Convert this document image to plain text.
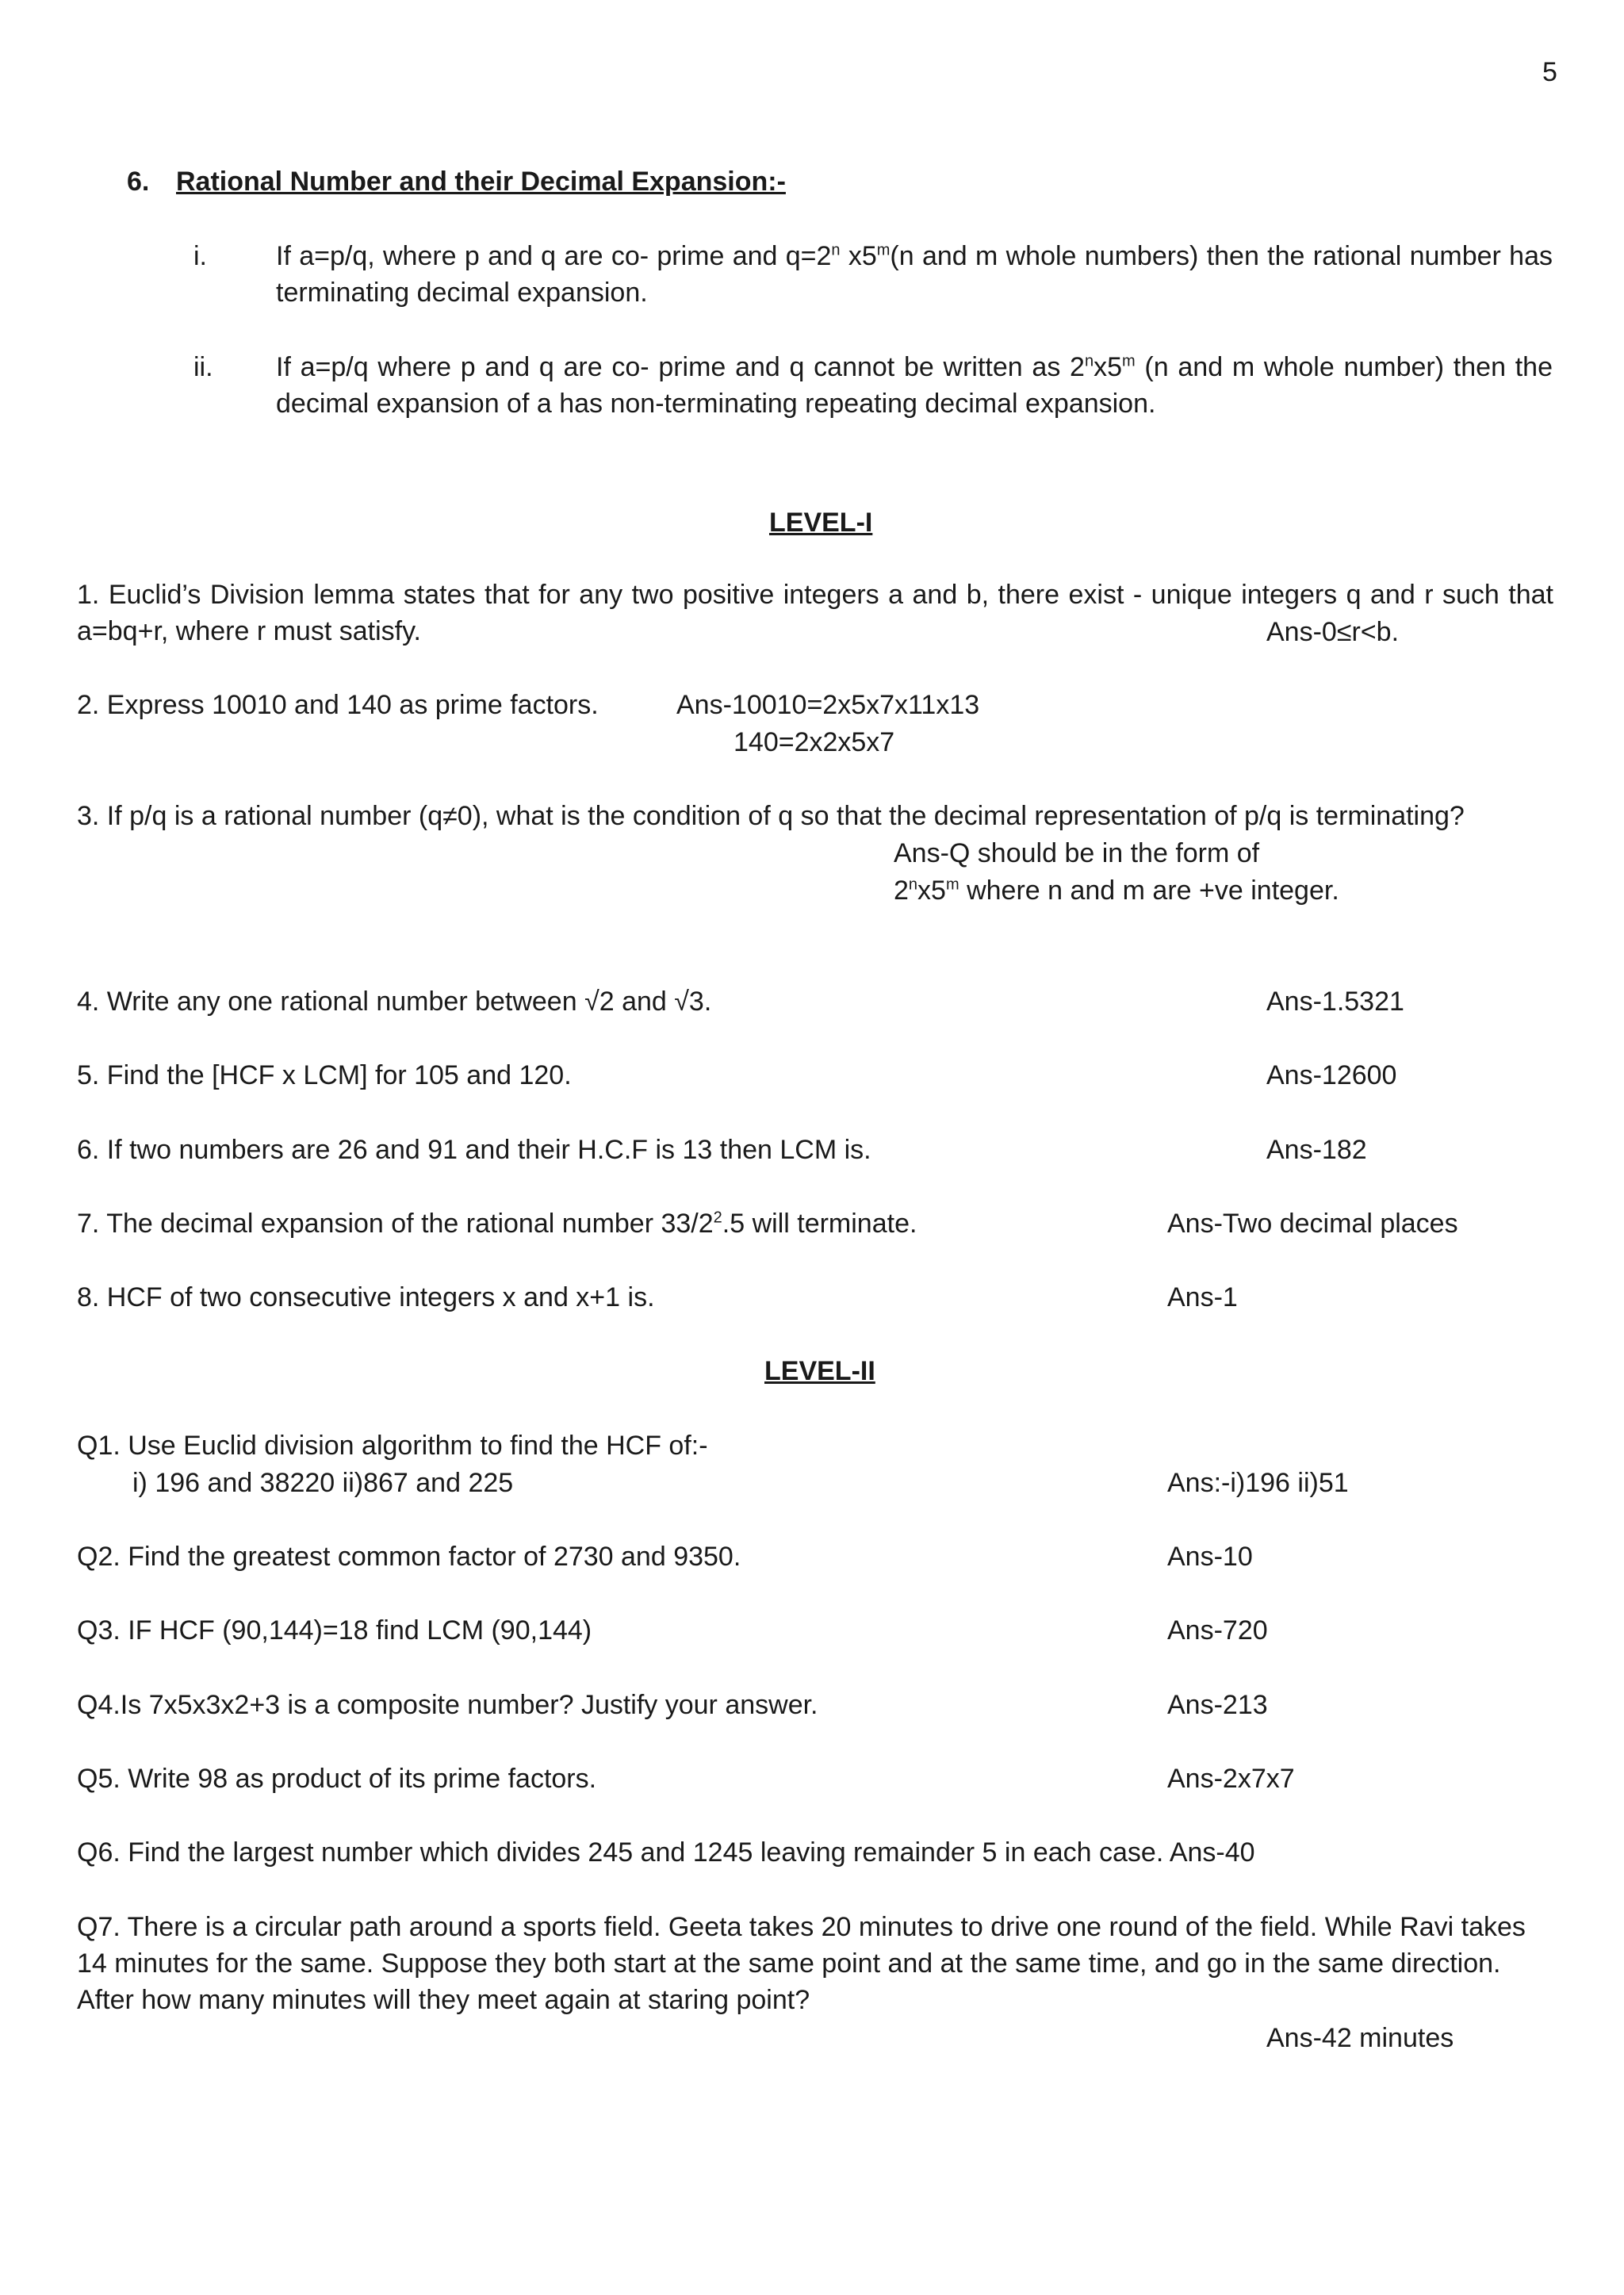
5
6. Rational Number and their Decimal Expansion:-
i.	If a=p/q, where p and q are co- prime and $q=2^n$ x5$^m$(n and m whole numbers) then the rational number has terminating decimal expansion.
ii. If a=p/q where p and q are co- prime and q cannot be written as 2$^n$x5$^m$ (n and m whole number) then the decimal expansion of a has non-terminating repeating decimal expansion.
LEVEL-I
1. Euclid’s Division lemma states that for any two positive integers a and b, there exist - unique integers q and r such that a=bq+r, where r must satisfy.	Ans-0≤r<b.
2. Express 10010 and 140 as prime factors.	Ans-10010=2x5x7x11x13
140=2x2x5x7
3. If p/q is a rational number (q≠0), what is the condition of q so that the decimal representation of p/q is terminating?
Ans-Q should be in the form of
2$^n$x5$^m$ where n and m are +ve integer.
4. Write any one rational number between √2 and √3.	Ans-1.5321
5. Find the [HCF x LCM] for 105 and 120.	Ans-12600
6. If two numbers are 26 and 91 and their H.C.F is 13 then LCM is.	Ans-182
7. The decimal expansion of the rational number $33/2^2.5$ will terminate.	Ans-Two decimal places
8. HCF of two consecutive integers x and x+1 is.	Ans-1
LEVEL-II
Q1. Use Euclid division algorithm to find the HCF of:-
i) 196 and 38220 ii)867 and 225	Ans:-i)196 ii)51
Q2. Find the greatest common factor of 2730 and 9350.	Ans-10
Q3. IF HCF (90,144)=18 find LCM (90,144)	Ans-720
Q4.Is 7x5x3x2+3 is a composite number? Justify your answer.	Ans-213
Q5. Write 98 as product of its prime factors.	Ans-2x7x7
Q6. Find the largest number which divides 245 and 1245 leaving remainder 5 in each case. Ans-40
Q7. There is a circular path around a sports field. Geeta takes 20 minutes to drive one round of the field. While Ravi takes 14 minutes for the same. Suppose they both start at the same point and at the same time, and go in the same direction. After how many minutes will they meet again at staring point?
Ans-42 minutes
